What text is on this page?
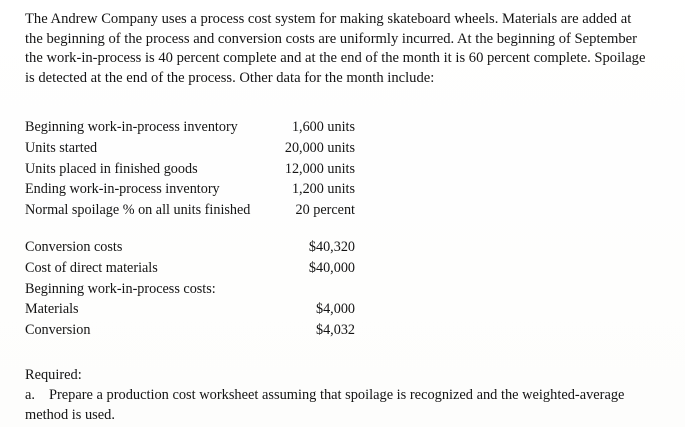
The Andrew Company uses a process cost system for making skateboard wheels. Materials are added at
the beginning of the process and conversion costs are uniformly incurred. At the beginning of September
the work-in-process is 40 percent complete and at the end of the month it is 60 percent complete. Spoilage
is detected at the end of the process. Other data for the month include:

Beginning work-in-process inventory	1,600 units
Units started	20,000 units
Units placed in finished goods	12,000 units
Ending work-in-process inventory	1,200 units
Normal spoilage % on all units finished	20 percent
Conversion costs	$40,320
Cost of direct materials	$40,000
Beginning work-in-process costs:
Materials	$4,000
Conversion	$4,032
Required:
a. Prepare a production cost worksheet assuming that spoilage is recognized and the weighted-average
method is used.
